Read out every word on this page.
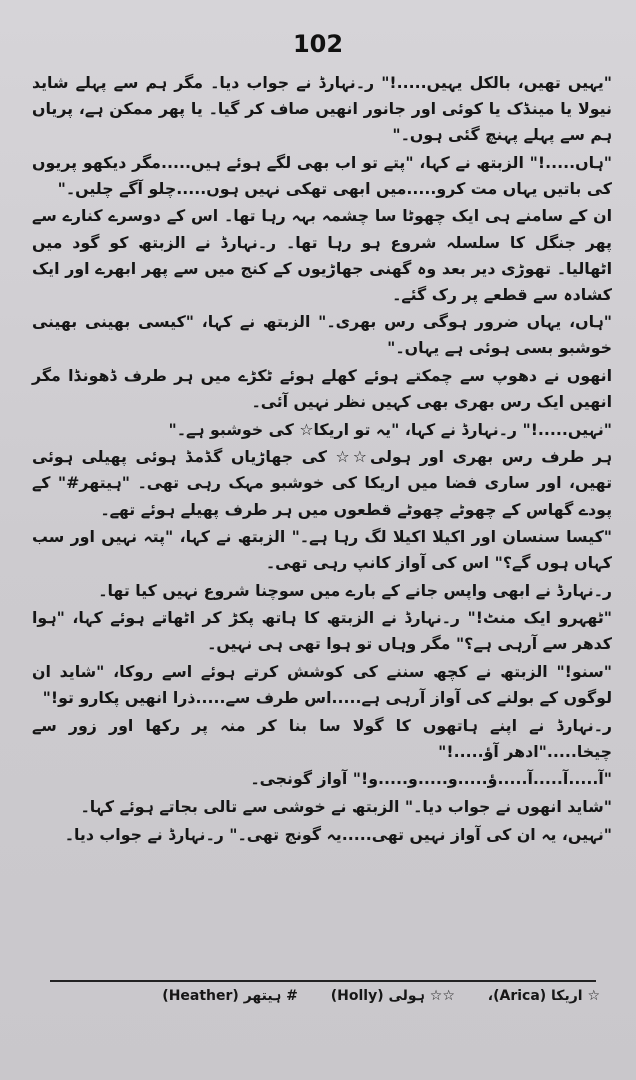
102

"یہیں تھیں، بالکل یہیں.....!" ر۔نہارڈ نے جواب دیا۔ مگر ہم سے پہلے شاید نیولا یا مینڈک یا کوئی اور جانور انھیں صاف کر گیا۔ یا پھر ممکن ہے، پریاں ہم سے پہلے پہنچ گئی ہوں۔"

"ہاں.....!" الزبتھ نے کہا، "پتے تو اب بھی لگے ہوئے ہیں.....مگر دیکھو پریوں کی باتیں یہاں مت کرو.....میں ابھی تھکی نہیں ہوں.....چلو آگے چلیں۔"

ان کے سامنے ہی ایک چھوٹا سا چشمہ بہہ رہا تھا۔ اس کے دوسرے کنارے سے پھر جنگل کا سلسلہ شروع ہو رہا تھا۔ ر۔نہارڈ نے الزبتھ کو گود میں اٹھالیا۔ تھوڑی دیر بعد وہ گھنی جھاڑیوں کے کنج میں سے پھر ابھرے اور ایک کشادہ سے قطعے پر رک گئے۔

"ہاں، یہاں ضرور ہوگی رس بھری۔" الزبتھ نے کہا، "کیسی بھینی بھینی خوشبو بسی ہوئی ہے یہاں۔"

انھوں نے دھوپ سے چمکتے ہوئے کھلے ہوئے ٹکڑے میں ہر طرف ڈھونڈا مگر انھیں ایک رس بھری بھی کہیں نظر نہیں آئی۔

"نہیں.....!" ر۔نہارڈ نے کہا، "یہ تو اریکا☆ کی خوشبو ہے۔"

ہر طرف رس بھری اور ہولی☆☆ کی جھاڑیاں گڈمڈ ہوئی پھیلی ہوئی تھیں، اور ساری فضا میں اریکا کی خوشبو مہک رہی تھی۔ "ہیتھر#" کے پودے گھاس کے چھوٹے چھوٹے قطعوں میں ہر طرف پھیلے ہوئے تھے۔

"کیسا سنسان اور اکیلا اکیلا لگ رہا ہے۔" الزبتھ نے کہا، "پتہ نہیں اور سب کہاں ہوں گے؟" اس کی آواز کانپ رہی تھی۔

ر۔نہارڈ نے ابھی واپس جانے کے بارے میں سوچنا شروع نہیں کیا تھا۔

"ٹھہرو ایک منٹ!" ر۔نہارڈ نے الزبتھ کا ہاتھ پکڑ کر اٹھاتے ہوئے کہا، "ہوا کدھر سے آرہی ہے؟" مگر وہاں تو ہوا تھی ہی نہیں۔

"سنو!" الزبتھ نے کچھ سننے کی کوشش کرتے ہوئے اسے روکا، "شاید ان لوگوں کے بولنے کی آواز آرہی ہے.....اس طرف سے.....ذرا انھیں پکارو تو!"

ر۔نہارڈ نے اپنے ہاتھوں کا گولا سا بنا کر منہ پر رکھا اور زور سے چیخا....."ادھر آؤ.....!"

"آ.....آ.....آ.....ؤ.....و.....و.....و!" آواز گونجی۔

"شاید انھوں نے جواب دیا۔" الزبتھ نے خوشی سے تالی بجاتے ہوئے کہا۔

"نہیں، یہ ان کی آواز نہیں تھی.....یہ گونج تھی۔" ر۔نہارڈ نے جواب دیا۔

☆ اریکا (Arica)، ☆☆ ہولی (Holly) # ہیتھر (Heather)
